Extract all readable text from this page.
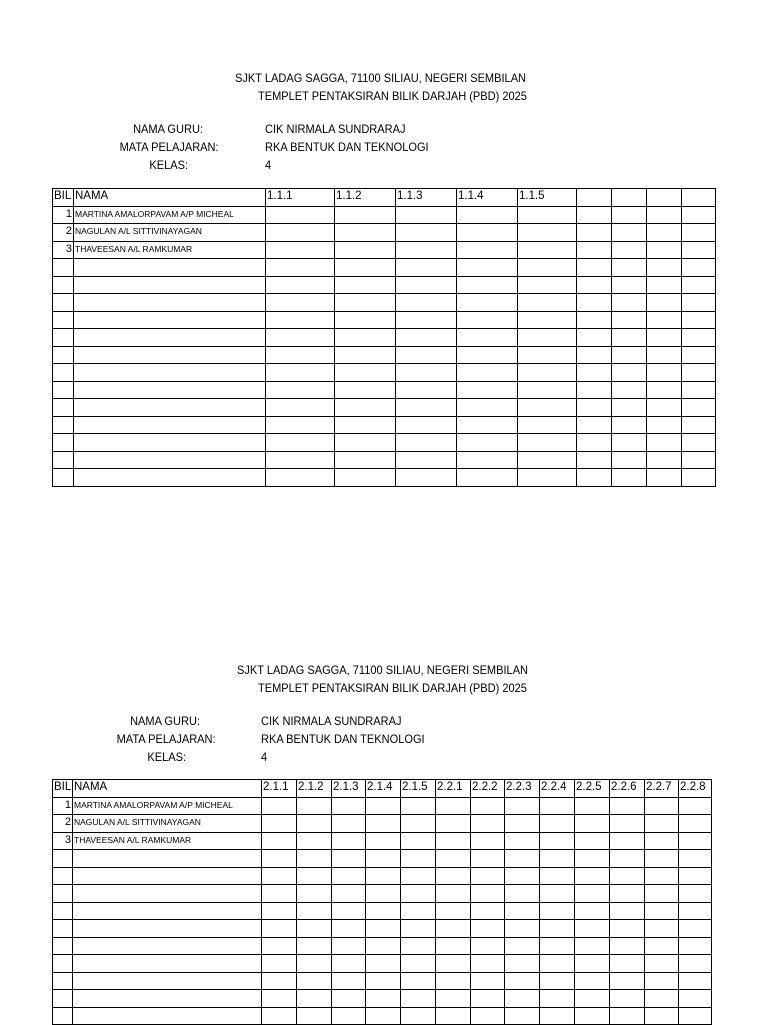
SJKT LADAG SAGGA, 71100 SILIAU, NEGERI SEMBILAN
TEMPLET PENTAKSIRAN BILIK DARJAH (PBD) 2025
NAMA GURU:	CIK NIRMALA SUNDRARAJ
MATA PELAJARAN:	RKA BENTUK DAN TEKNOLOGI
KELAS:	4
BIL	NAMA	1.1.1	1.1.2	1.1.3	1.1.4	1.1.5				
1	MARTINA AMALORPAVAM A/P MICHEAL									
2	NAGULAN A/L SITTIVINAYAGAN									
3	THAVEESAN A/L RAMKUMAR									

SJKT LADAG SAGGA, 71100 SILIAU, NEGERI SEMBILAN
TEMPLET PENTAKSIRAN BILIK DARJAH (PBD) 2025
NAMA GURU:	CIK NIRMALA SUNDRARAJ
MATA PELAJARAN:	RKA BENTUK DAN TEKNOLOGI
KELAS:	4
BIL	NAMA	2.1.1	2.1.2	2.1.3	2.1.4	2.1.5	2.2.1	2.2.2	2.2.3	2.2.4	2.2.5	2.2.6	2.2.7	2.2.8
1	MARTINA AMALORPAVAM A/P MICHEAL													
2	NAGULAN A/L SITTIVINAYAGAN													
3	THAVEESAN A/L RAMKUMAR													
